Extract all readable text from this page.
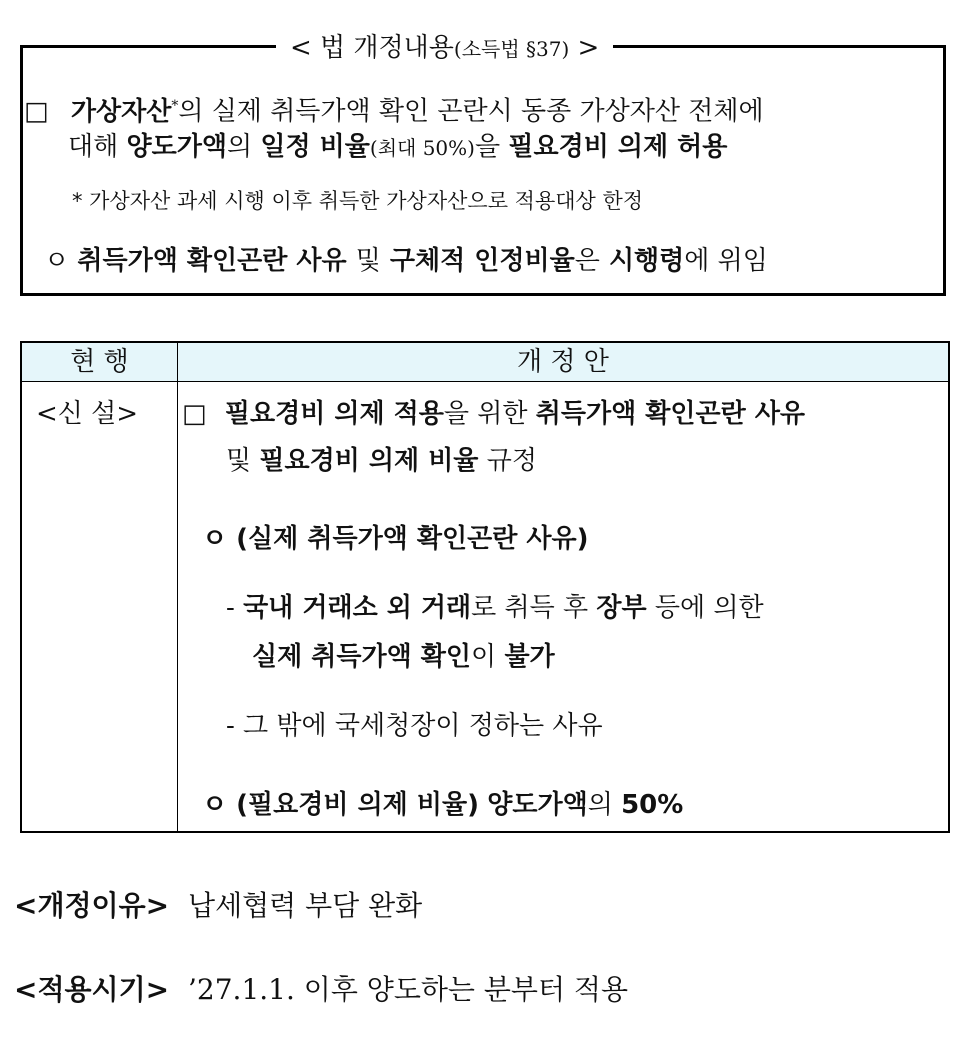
< 법 개정내용(소득법 §37) >
□ 가상자산*의 실제 취득가액 확인 곤란시 동종 가상자산 전체에
대해 양도가액의 일정 비율(최대 50%)을 필요경비 의제 허용
* 가상자산 과세 시행 이후 취득한 가상자산으로 적용대상 한정
ㅇ 취득가액 확인곤란 사유 및 구체적 인정비율은 시행령에 위임
현 행	개 정 안
<신 설> □ 필요경비 의제 적용을 위한 취득가액 확인곤란 사유
및 필요경비 의제 비율 규정
ㅇ (실제 취득가액 확인곤란 사유)
- 국내 거래소 외 거래로 취득 후 장부 등에 의한
실제 취득가액 확인이 불가
- 그 밖에 국세청장이 정하는 사유
ㅇ (필요경비 의제 비율) 양도가액의 50%
<개정이유> 납세협력 부담 완화
<적용시기> ’27.1.1. 이후 양도하는 분부터 적용
